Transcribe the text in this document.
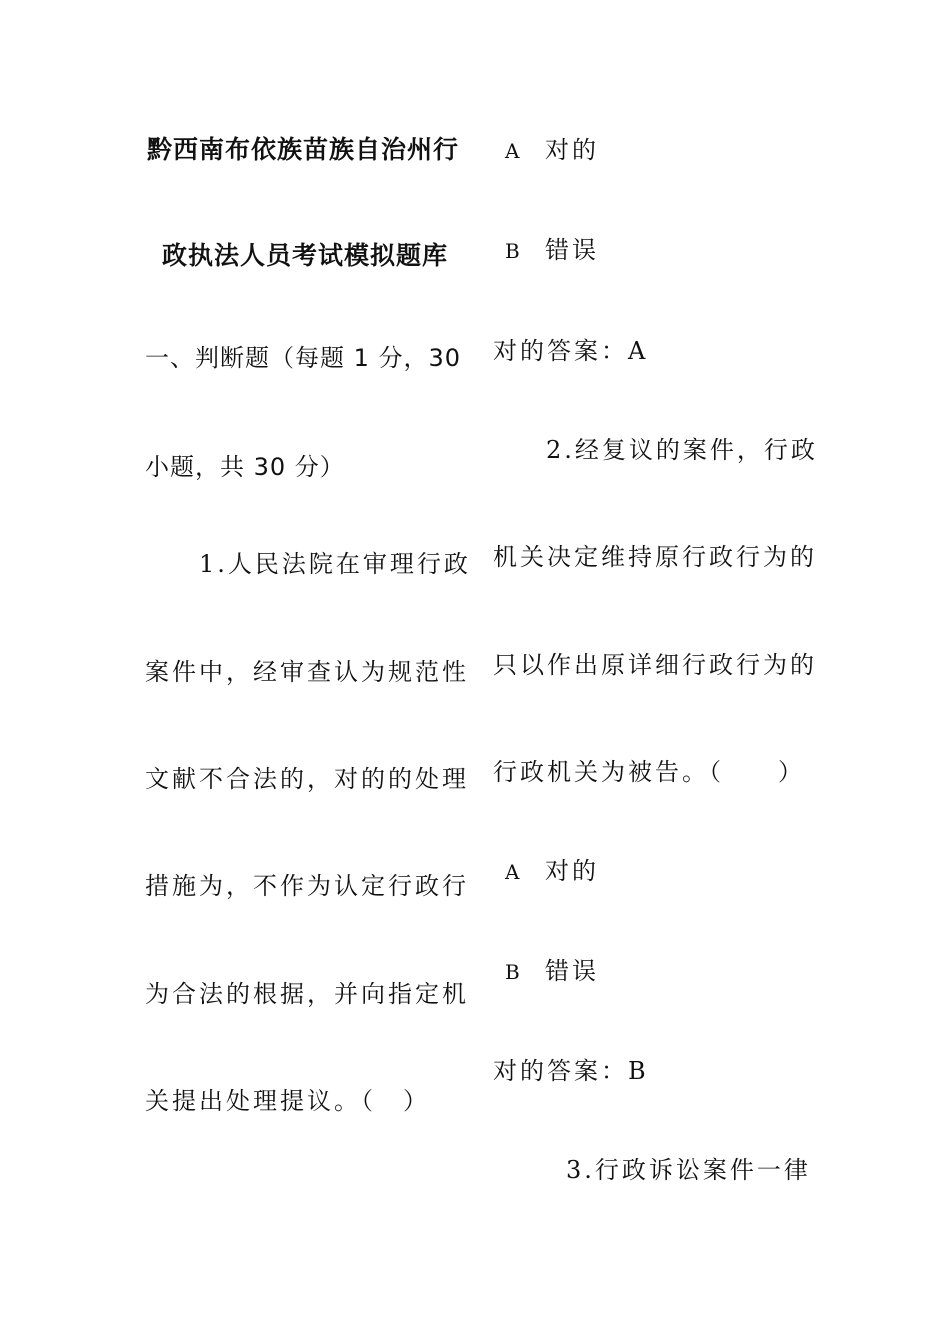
黔西南布依族苗族自治州行
政执法人员考试模拟题库
一、判断题（每题 1 分，30
小题，共 30 分）
1.人民法院在审理行政
案件中，经审查认为规范性
文献不合法的，对的的处理
措施为，不作为认定行政行
为合法的根据，并向指定机
关提出处理提议。（　）
A 对的
B 错误
对的答案：A
2.经复议的案件，行政
机关决定维持原行政行为的
只以作出原详细行政行为的
行政机关为被告。（　　）
A 对的
B 错误
对的答案：B
3.行政诉讼案件一律
